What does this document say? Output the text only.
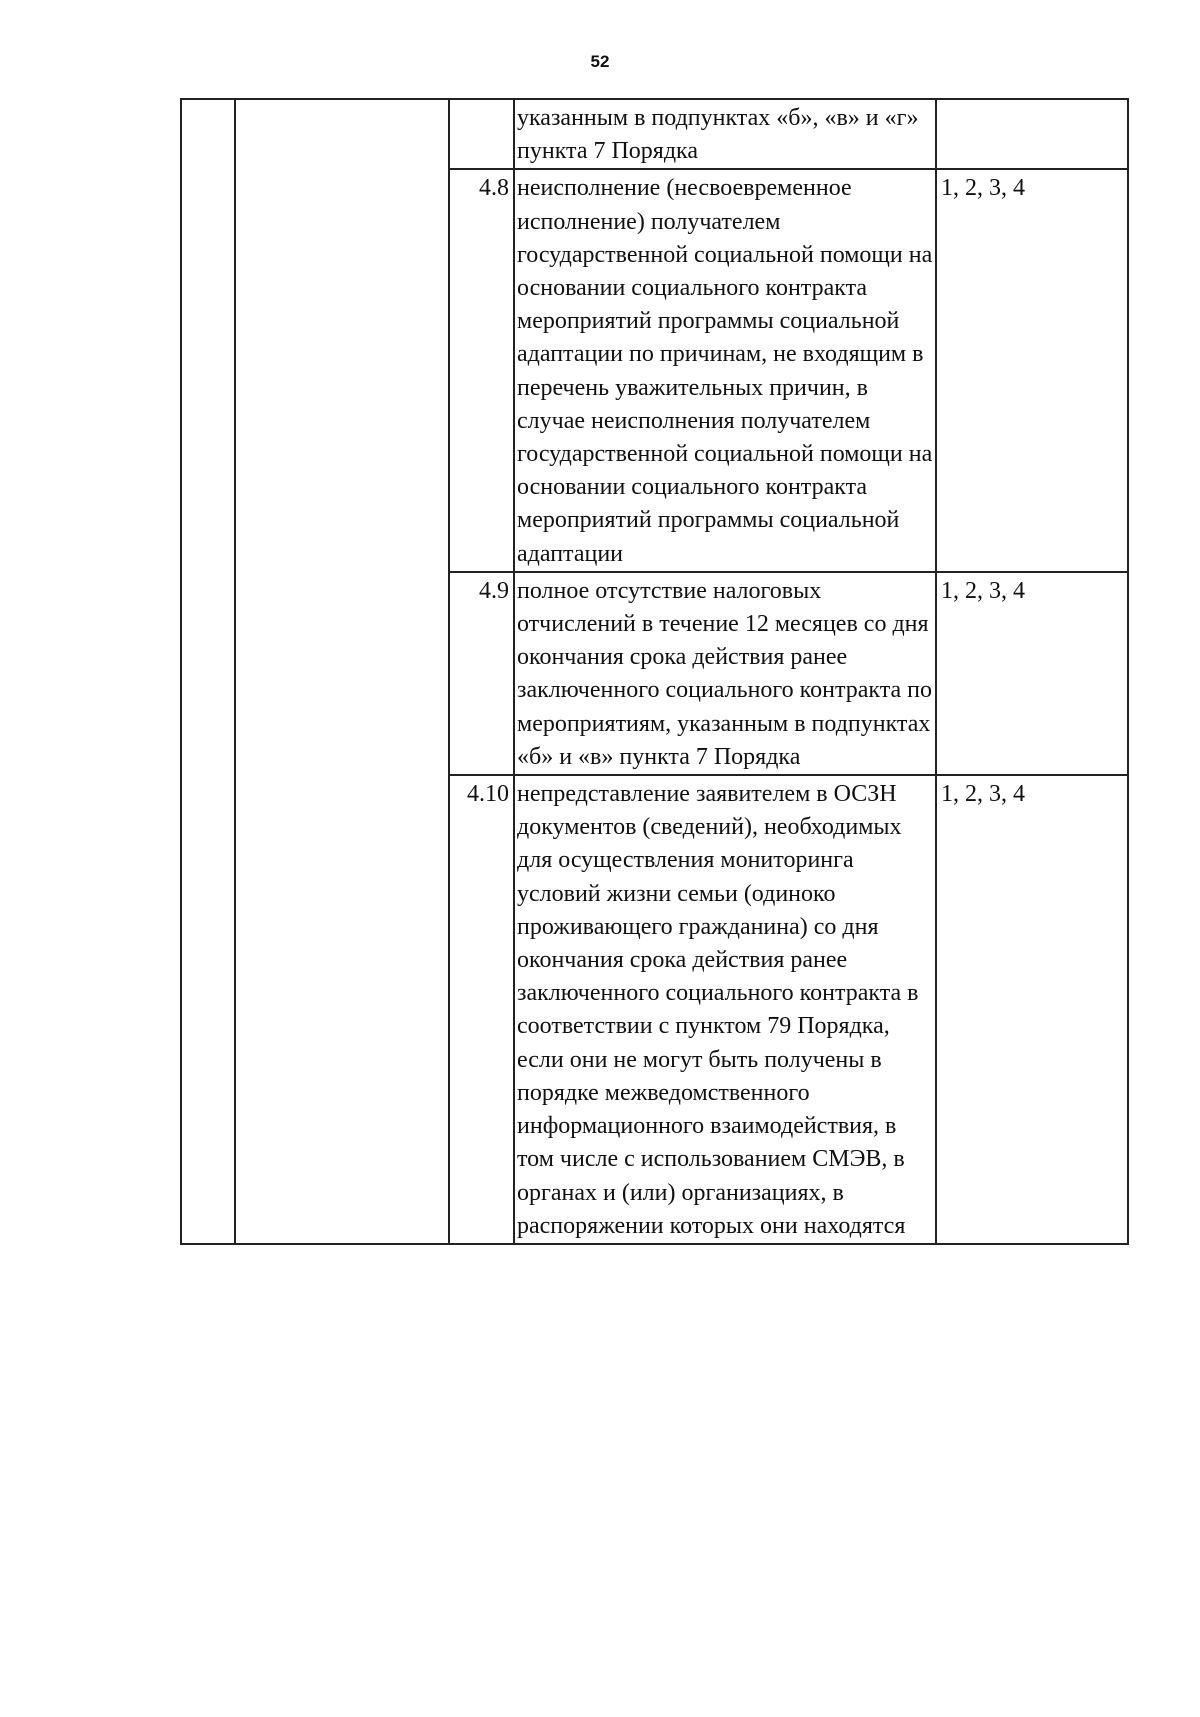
52
			указанным в подпунктах «б», «в» и «г» пункта 7 Порядка	
		4.8	неисполнение (несвоевременное исполнение) получателем государственной социальной помощи на основании социального контракта мероприятий программы социальной адаптации по причинам, не входящим в перечень уважительных причин, в случае неисполнения получателем государственной социальной помощи на основании социального контракта мероприятий программы социальной адаптации	1, 2, 3, 4
		4.9	полное отсутствие налоговых отчислений в течение 12 месяцев со дня окончания срока действия ранее заключенного социального контракта по мероприятиям, указанным в подпунктах «б» и «в» пункта 7 Порядка	1, 2, 3, 4
		4.10	непредставление заявителем в ОСЗН документов (сведений), необходимых для осуществления мониторинга условий жизни семьи (одиноко проживающего гражданина) со дня окончания срока действия ранее заключенного социального контракта в соответствии с пунктом 79 Порядка, если они не могут быть получены в порядке межведомственного информационного взаимодействия, в том числе с использованием СМЭВ, в органах и (или) организациях, в распоряжении которых они находятся	1, 2, 3, 4
